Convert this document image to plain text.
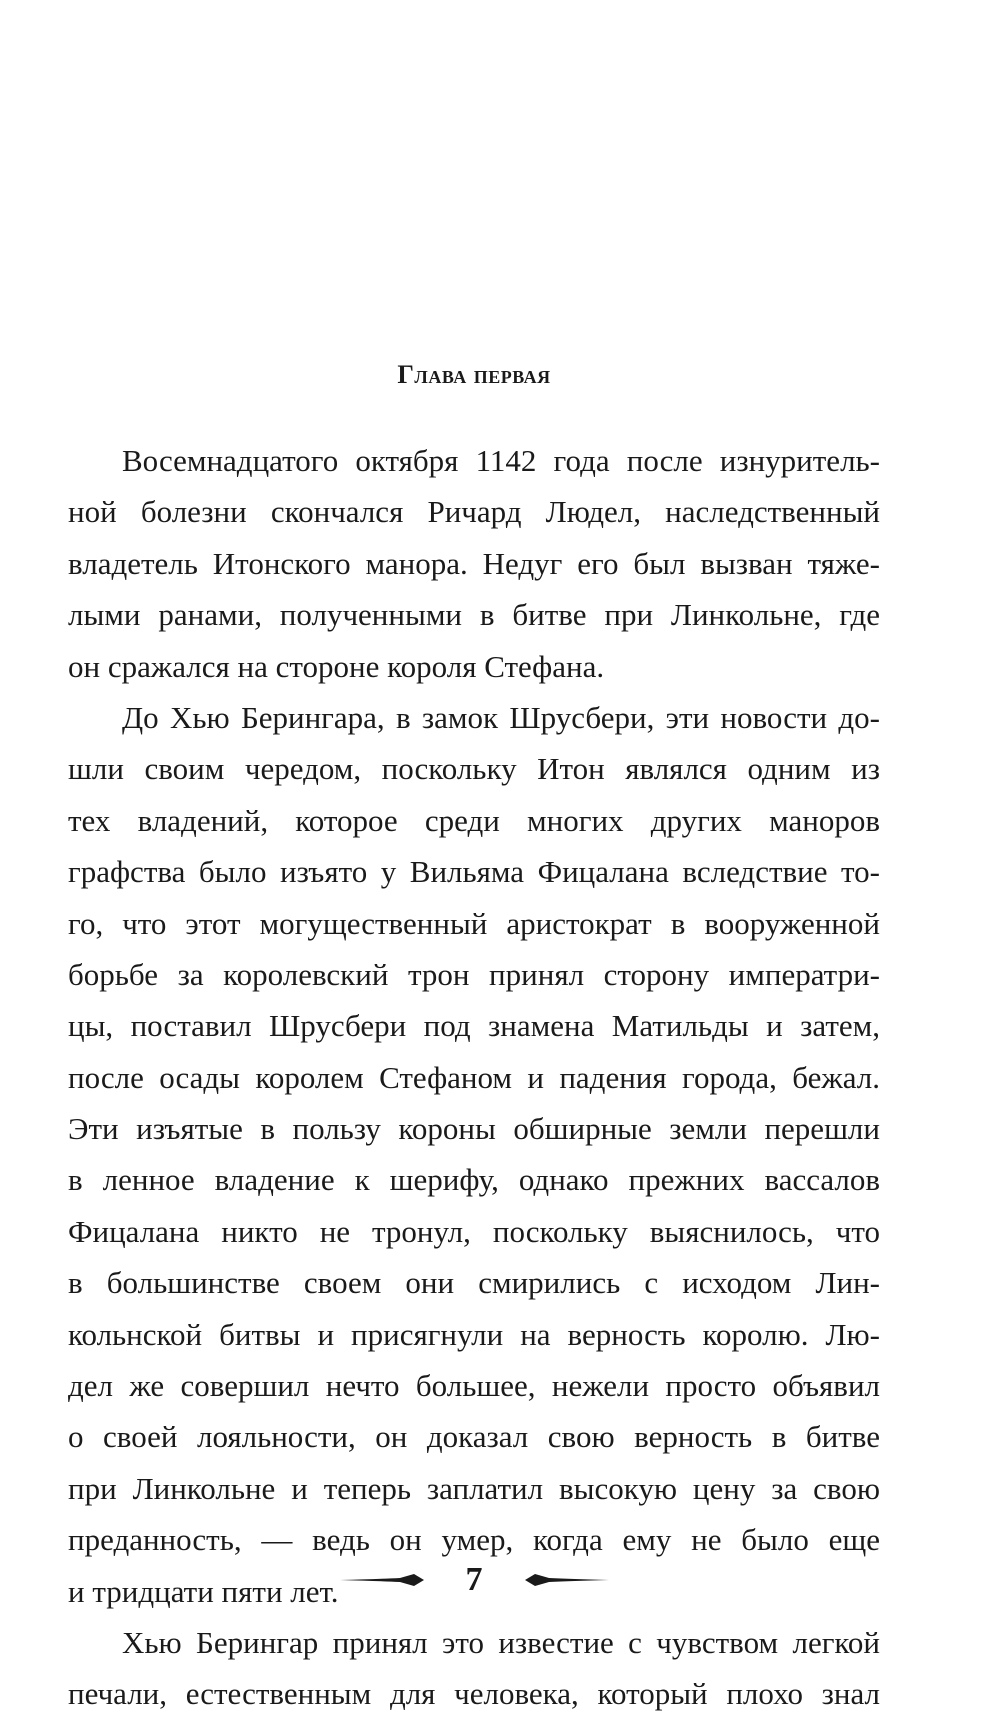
Глава первая
Восемнадцатого октября 1142 года после изнуритель-
ной болезни скончался Ричард Людел, наследственный
владетель Итонского манора. Недуг его был вызван тяже-
лыми ранами, полученными в битве при Линкольне, где
он сражался на стороне короля Стефана.
До Хью Берингара, в замок Шрусбери, эти новости до-
шли своим чередом, поскольку Итон являлся одним из
тех владений, которое среди многих других маноров
графства было изъято у Вильяма Фицалана вследствие то-
го, что этот могущественный аристократ в вооруженной
борьбе за королевский трон принял сторону императри-
цы, поставил Шрусбери под знамена Матильды и затем,
после осады королем Стефаном и падения города, бежал.
Эти изъятые в пользу короны обширные земли перешли
в ленное владение к шерифу, однако прежних вассалов
Фицалана никто не тронул, поскольку выяснилось, что
в большинстве своем они смирились с исходом Лин-
кольнской битвы и присягнули на верность королю. Лю-
дел же совершил нечто большее, нежели просто объявил
о своей лояльности, он доказал свою верность в битве
при Линкольне и теперь заплатил высокую цену за свою
преданность, — ведь он умер, когда ему не было еще
и тридцати пяти лет.
Хью Берингар принял это известие с чувством легкой
печали, естественным для человека, который плохо знал
7
